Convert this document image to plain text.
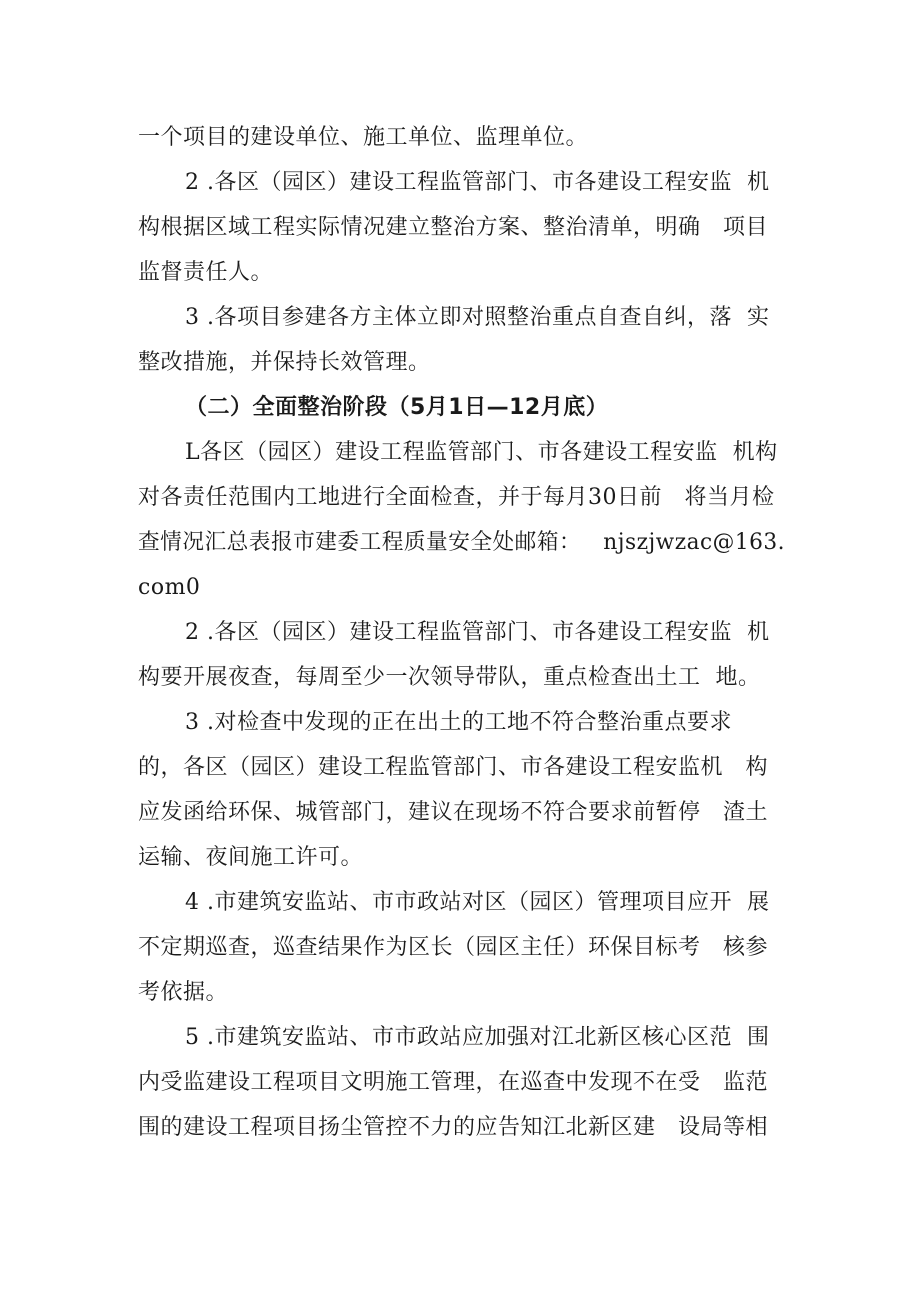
一个项目的建设单位、施工单位、监理单位。
2 .各区（园区）建设工程监管部门、市各建设工程安监  机
构根据区域工程实际情况建立整治方案、整治清单，明确   项目
监督责任人。
3 .各项目参建各方主体立即对照整治重点自查自纠，落  实
整改措施，并保持长效管理。
（二）全面整治阶段（5月1日—12月底）
L各区（园区）建设工程监管部门、市各建设工程安监  机构
对各责任范围内工地进行全面检查，并于每月30日前   将当月检
查情况汇总表报市建委工程质量安全处邮箱：   njszjwzac@163.
com0
2 .各区（园区）建设工程监管部门、市各建设工程安监  机
构要开展夜查，每周至少一次领导带队，重点检查出土工  地。
3 .对检查中发现的正在出土的工地不符合整治重点要求
的，各区（园区）建设工程监管部门、市各建设工程安监机   构
应发函给环保、城管部门，建议在现场不符合要求前暂停   渣土
运输、夜间施工许可。
4 .市建筑安监站、市市政站对区（园区）管理项目应开  展
不定期巡查，巡查结果作为区长（园区主任）环保目标考   核参
考依据。
5 .市建筑安监站、市市政站应加强对江北新区核心区范  围
内受监建设工程项目文明施工管理，在巡查中发现不在受   监范
围的建设工程项目扬尘管控不力的应告知江北新区建   设局等相
